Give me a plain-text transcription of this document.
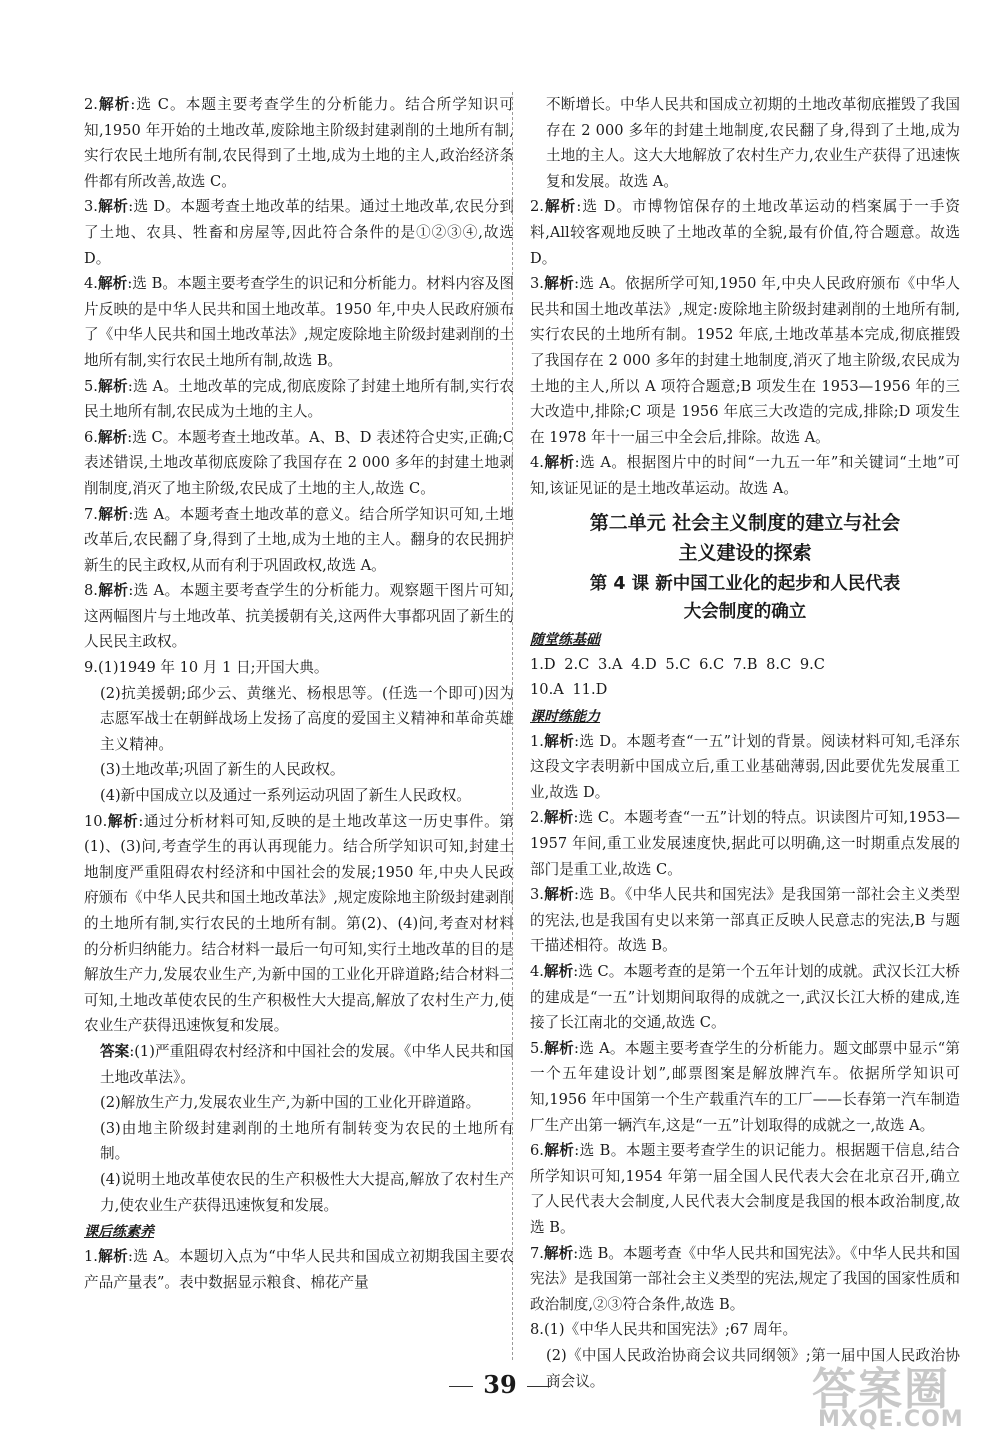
2.解析:选 C。本题主要考查学生的分析能力。结合所学知识可知,1950 年开始的土地改革,废除地主阶级封建剥削的土地所有制,实行农民土地所有制,农民得到了土地,成为土地的主人,政治经济条件都有所改善,故选 C。

3.解析:选 D。本题考查土地改革的结果。通过土地改革,农民分到了土地、农具、牲畜和房屋等,因此符合条件的是①②③④,故选 D。

4.解析:选 B。本题主要考查学生的识记和分析能力。材料内容及图片反映的是中华人民共和国土地改革。1950 年,中央人民政府颁布了《中华人民共和国土地改革法》,规定废除地主阶级封建剥削的土地所有制,实行农民土地所有制,故选 B。

5.解析:选 A。土地改革的完成,彻底废除了封建土地所有制,实行农民土地所有制,农民成为土地的主人。

6.解析:选 C。本题考查土地改革。A、B、D 表述符合史实,正确;C 表述错误,土地改革彻底废除了我国存在 2 000 多年的封建土地剥削制度,消灭了地主阶级,农民成了土地的主人,故选 C。

7.解析:选 A。本题考查土地改革的意义。结合所学知识可知,土地改革后,农民翻了身,得到了土地,成为土地的主人。翻身的农民拥护新生的民主政权,从而有利于巩固政权,故选 A。

8.解析:选 A。本题主要考查学生的分析能力。观察题干图片可知,这两幅图片与土地改革、抗美援朝有关,这两件大事都巩固了新生的人民民主政权。

9.(1)1949 年 10 月 1 日;开国大典。

(2)抗美援朝;邱少云、黄继光、杨根思等。(任选一个即可)因为志愿军战士在朝鲜战场上发扬了高度的爱国主义精神和革命英雄主义精神。

(3)土地改革;巩固了新生的人民政权。

(4)新中国成立以及通过一系列运动巩固了新生人民政权。

10.解析:通过分析材料可知,反映的是土地改革这一历史事件。第(1)、(3)问,考查学生的再认再现能力。结合所学知识可知,封建土地制度严重阻碍农村经济和中国社会的发展;1950 年,中央人民政府颁布《中华人民共和国土地改革法》,规定废除地主阶级封建剥削的土地所有制,实行农民的土地所有制。第(2)、(4)问,考查对材料的分析归纳能力。结合材料一最后一句可知,实行土地改革的目的是解放生产力,发展农业生产,为新中国的工业化开辟道路;结合材料二可知,土地改革使农民的生产积极性大大提高,解放了农村生产力,使农业生产获得迅速恢复和发展。

答案:(1)严重阻碍农村经济和中国社会的发展。《中华人民共和国土地改革法》。

(2)解放生产力,发展农业生产,为新中国的工业化开辟道路。

(3)由地主阶级封建剥削的土地所有制转变为农民的土地所有制。

(4)说明土地改革使农民的生产积极性大大提高,解放了农村生产力,使农业生产获得迅速恢复和发展。

课后练素养

1.解析:选 A。本题切入点为“中华人民共和国成立初期我国主要农产品产量表”。表中数据显示粮食、棉花产量

不断增长。中华人民共和国成立初期的土地改革彻底摧毁了我国存在 2 000 多年的封建土地制度,农民翻了身,得到了土地,成为土地的主人。这大大地解放了农村生产力,农业生产获得了迅速恢复和发展。故选 A。

2.解析:选 D。市博物馆保存的土地改革运动的档案属于一手资料,All较客观地反映了土地改革的全貌,最有价值,符合题意。故选 D。

3.解析:选 A。依据所学可知,1950 年,中央人民政府颁布《中华人民共和国土地改革法》,规定:废除地主阶级封建剥削的土地所有制,实行农民的土地所有制。1952 年底,土地改革基本完成,彻底摧毁了我国存在 2 000 多年的封建土地制度,消灭了地主阶级,农民成为土地的主人,所以 A 项符合题意;B 项发生在 1953—1956 年的三大改造中,排除;C 项是 1956 年底三大改造的完成,排除;D 项发生在 1978 年十一届三中全会后,排除。故选 A。

4.解析:选 A。根据图片中的时间“一九五一年”和关键词“土地”可知,该证见证的是土地改革运动。故选 A。

第二单元 社会主义制度的建立与社会
主义建设的探索
第 4 课 新中国工业化的起步和人民代表
大会制度的确立
随堂练基础

1.D 2.C 3.A 4.D 5.C 6.C 7.B 8.C 9.C

10.A 11.D

课时练能力

1.解析:选 D。本题考查“一五”计划的背景。阅读材料可知,毛泽东这段文字表明新中国成立后,重工业基础薄弱,因此要优先发展重工业,故选 D。

2.解析:选 C。本题考查“一五”计划的特点。识读图片可知,1953—1957 年间,重工业发展速度快,据此可以明确,这一时期重点发展的部门是重工业,故选 C。

3.解析:选 B。《中华人民共和国宪法》是我国第一部社会主义类型的宪法,也是我国有史以来第一部真正反映人民意志的宪法,B 与题干描述相符。故选 B。

4.解析:选 C。本题考查的是第一个五年计划的成就。武汉长江大桥的建成是“一五”计划期间取得的成就之一,武汉长江大桥的建成,连接了长江南北的交通,故选 C。

5.解析:选 A。本题主要考查学生的分析能力。题文邮票中显示“第一个五年建设计划”,邮票图案是解放牌汽车。依据所学知识可知,1956 年中国第一个生产载重汽车的工厂——长春第一汽车制造厂生产出第一辆汽车,这是“一五”计划取得的成就之一,故选 A。

6.解析:选 B。本题主要考查学生的识记能力。根据题干信息,结合所学知识可知,1954 年第一届全国人民代表大会在北京召开,确立了人民代表大会制度,人民代表大会制度是我国的根本政治制度,故选 B。

7.解析:选 B。本题考查《中华人民共和国宪法》。《中华人民共和国宪法》是我国第一部社会主义类型的宪法,规定了我国的国家性质和政治制度,②③符合条件,故选 B。

8.(1)《中华人民共和国宪法》;67 周年。

(2)《中国人民政治协商会议共同纲领》;第一届中国人民政治协商会议。

39	答案圈
MXQE.COM
